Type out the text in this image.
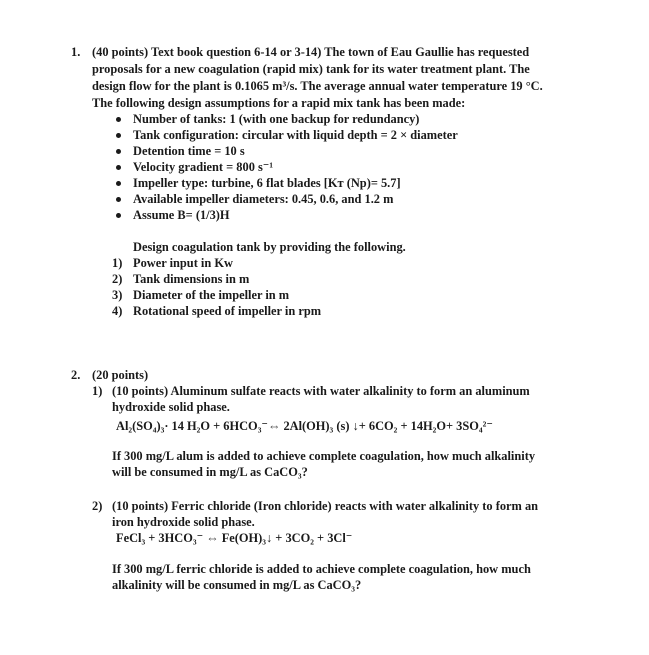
1. (40 points) Text book question 6-14 or 3-14) The town of Eau Gaullie has requested
proposals for a new coagulation (rapid mix) tank for its water treatment plant. The
design flow for the plant is 0.1065 m³/s. The average annual water temperature 19 °C.
The following design assumptions for a rapid mix tank has been made:
Number of tanks: 1 (with one backup for redundancy)
Tank configuration: circular with liquid depth = 2 × diameter
Detention time = 10 s
Velocity gradient = 800 s⁻¹
Impeller type: turbine, 6 flat blades [Kᴛ (Np)= 5.7]
Available impeller diameters: 0.45, 0.6, and 1.2 m
Assume B= (1/3)H
Design coagulation tank by providing the following.
1) Power input in Kw
2) Tank dimensions in m
3) Diameter of the impeller in m
4) Rotational speed of impeller in rpm
2. (20 points)
1) (10 points) Aluminum sulfate reacts with water alkalinity to form an aluminum
hydroxide solid phase.
Al₂(SO₄)₃· 14 H₂O + 6HCO₃⁻⇔ 2Al(OH)₃ (s) ↓+ 6CO₂ + 14H₂O+ 3SO₄²⁻
If 300 mg/L alum is added to achieve complete coagulation, how much alkalinity
will be consumed in mg/L as CaCO₃?
2) (10 points) Ferric chloride (Iron chloride) reacts with water alkalinity to form an
iron hydroxide solid phase.
FeCl₃ + 3HCO₃⁻ ⇔ Fe(OH)₃↓ + 3CO₂ + 3Cl⁻
If 300 mg/L ferric chloride is added to achieve complete coagulation, how much
alkalinity will be consumed in mg/L as CaCO₃?
